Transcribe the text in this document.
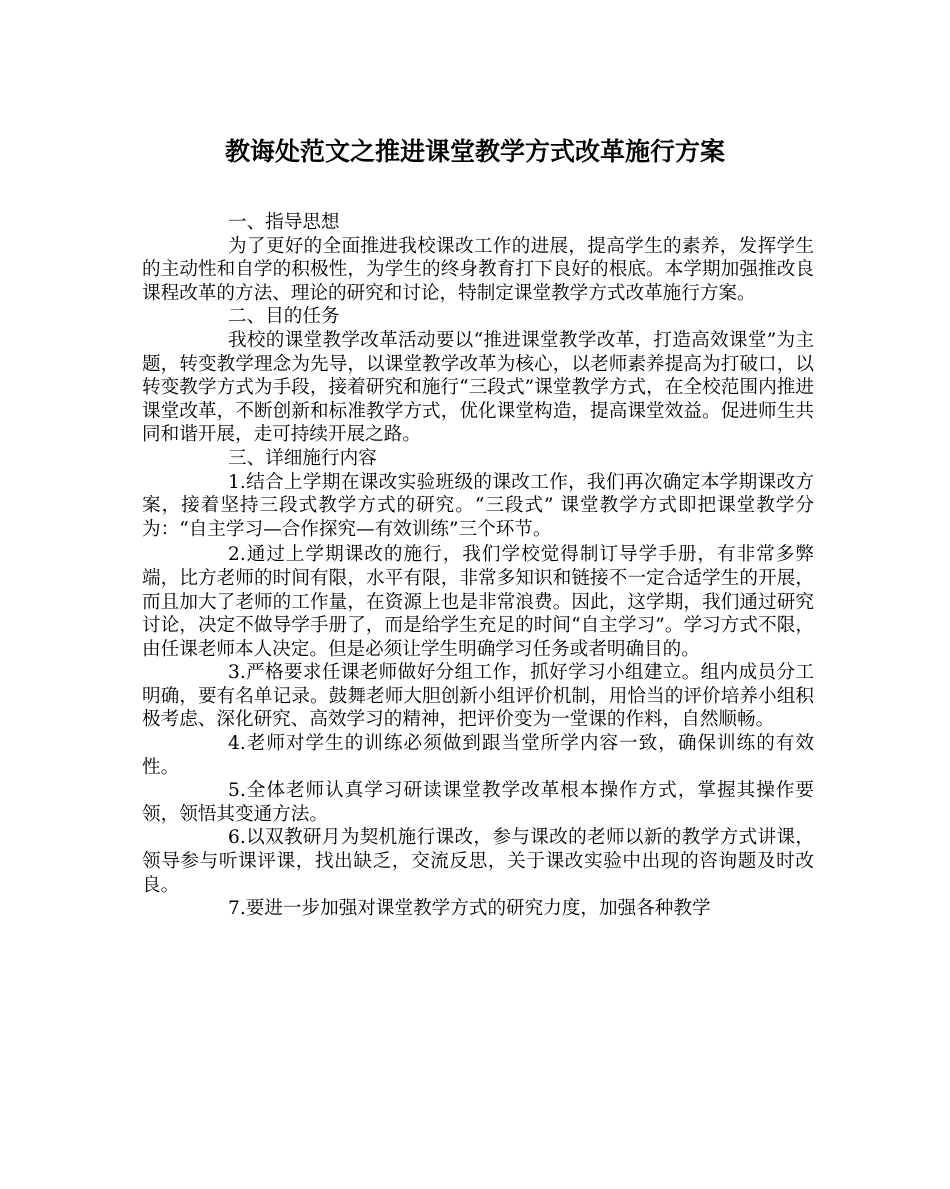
教诲处范文之推进课堂教学方式改革施行方案

一、指导思想

为了更好的全面推进我校课改工作的进展，提高学生的素养，发挥学生的主动性和自学的积极性，为学生的终身教育打下良好的根底。本学期加强推改良课程改革的方法、理论的研究和讨论，特制定课堂教学方式改革施行方案。

二、目的任务

我校的课堂教学改革活动要以“推进课堂教学改革，打造高效课堂”为主题，转变教学理念为先导，以课堂教学改革为核心，以老师素养提高为打破口，以转变教学方式为手段，接着研究和施行“三段式”课堂教学方式，在全校范围内推进课堂改革，不断创新和标准教学方式，优化课堂构造，提高课堂效益。促进师生共同和谐开展，走可持续开展之路。

三、详细施行内容

1.结合上学期在课改实验班级的课改工作，我们再次确定本学期课改方案，接着坚持三段式教学方式的研究。“三段式” 课堂教学方式即把课堂教学分为：“自主学习—合作探究—有效训练”三个环节。

2.通过上学期课改的施行，我们学校觉得制订导学手册，有非常多弊端，比方老师的时间有限，水平有限，非常多知识和链接不一定合适学生的开展，而且加大了老师的工作量，在资源上也是非常浪费。因此，这学期，我们通过研究讨论，决定不做导学手册了，而是给学生充足的时间“自主学习”。学习方式不限，由任课老师本人决定。但是必须让学生明确学习任务或者明确目的。

3.严格要求任课老师做好分组工作，抓好学习小组建立。组内成员分工明确，要有名单记录。鼓舞老师大胆创新小组评价机制，用恰当的评价培养小组积极考虑、深化研究、高效学习的精神，把评价变为一堂课的作料，自然顺畅。

4.老师对学生的训练必须做到跟当堂所学内容一致，确保训练的有效性。

5.全体老师认真学习研读课堂教学改革根本操作方式，掌握其操作要领，领悟其变通方法。

6.以双教研月为契机施行课改，参与课改的老师以新的教学方式讲课，领导参与听课评课，找出缺乏，交流反思，关于课改实验中出现的咨询题及时改良。

7.要进一步加强对课堂教学方式的研究力度，加强各种教学
